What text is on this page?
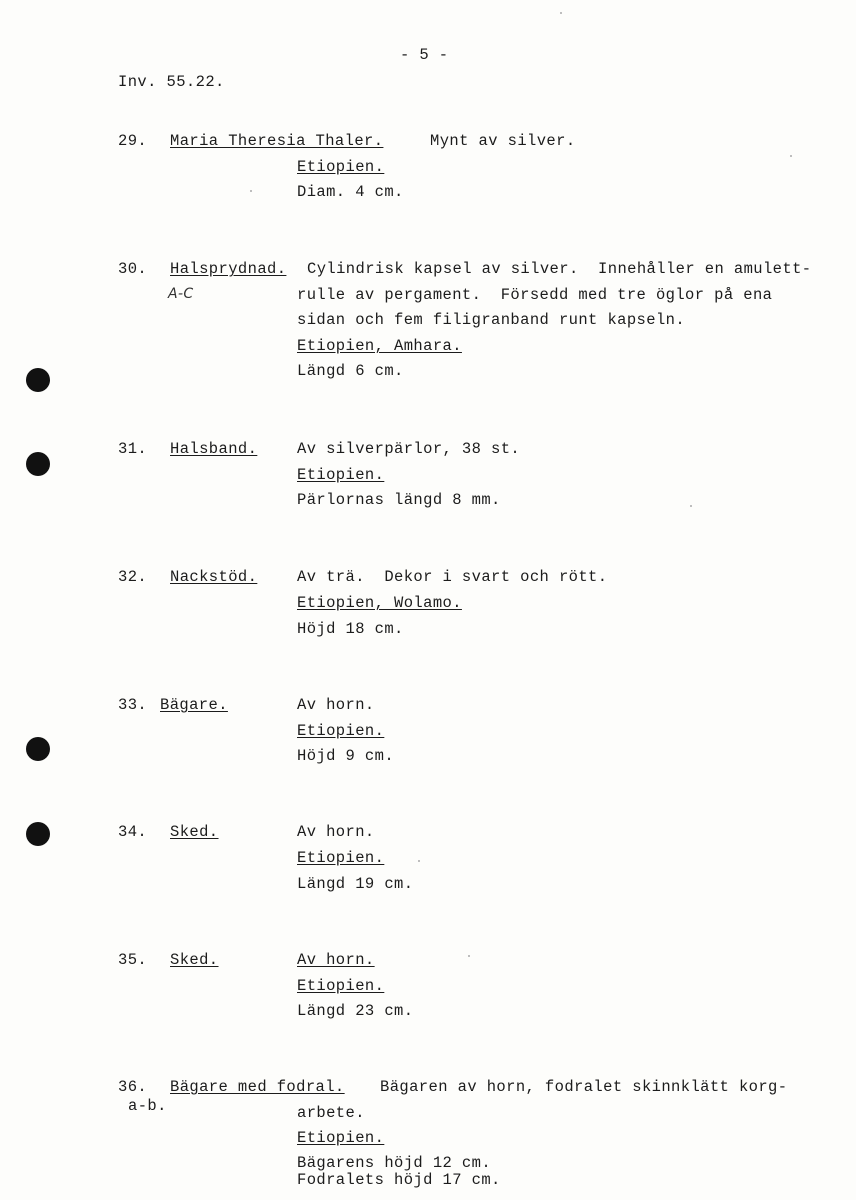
- 5 -
Inv. 55.22.
29. Maria Theresia Thaler.	Mynt av silver.
Etiopien.
Diam. 4 cm.
30. Halsprydnad. Cylindrisk kapsel av silver.  Innehåller en amulett-
A-C	rulle av pergament.  Försedd med tre öglor på ena
sidan och fem filigranband runt kapseln.
Etiopien, Amhara.
Längd 6 cm.
31. Halsband.	Av silverpärlor, 38 st.
Etiopien.
Pärlornas längd 8 mm.
32. Nackstöd.	Av trä.  Dekor i svart och rött.
Etiopien, Wolamo.
Höjd 18 cm.
33. Bägare.	Av horn.
Etiopien.
Höjd 9 cm.
34. Sked.	Av horn.
Etiopien.
Längd 19 cm.
35. Sked.	Av horn.
Etiopien.
Längd 23 cm.
36. Bägare med fodral. Bägaren av horn, fodralet skinnklätt korg-
a-b.	arbete.
Etiopien.
Bägarens höjd 12 cm.
Fodralets höjd 17 cm.
